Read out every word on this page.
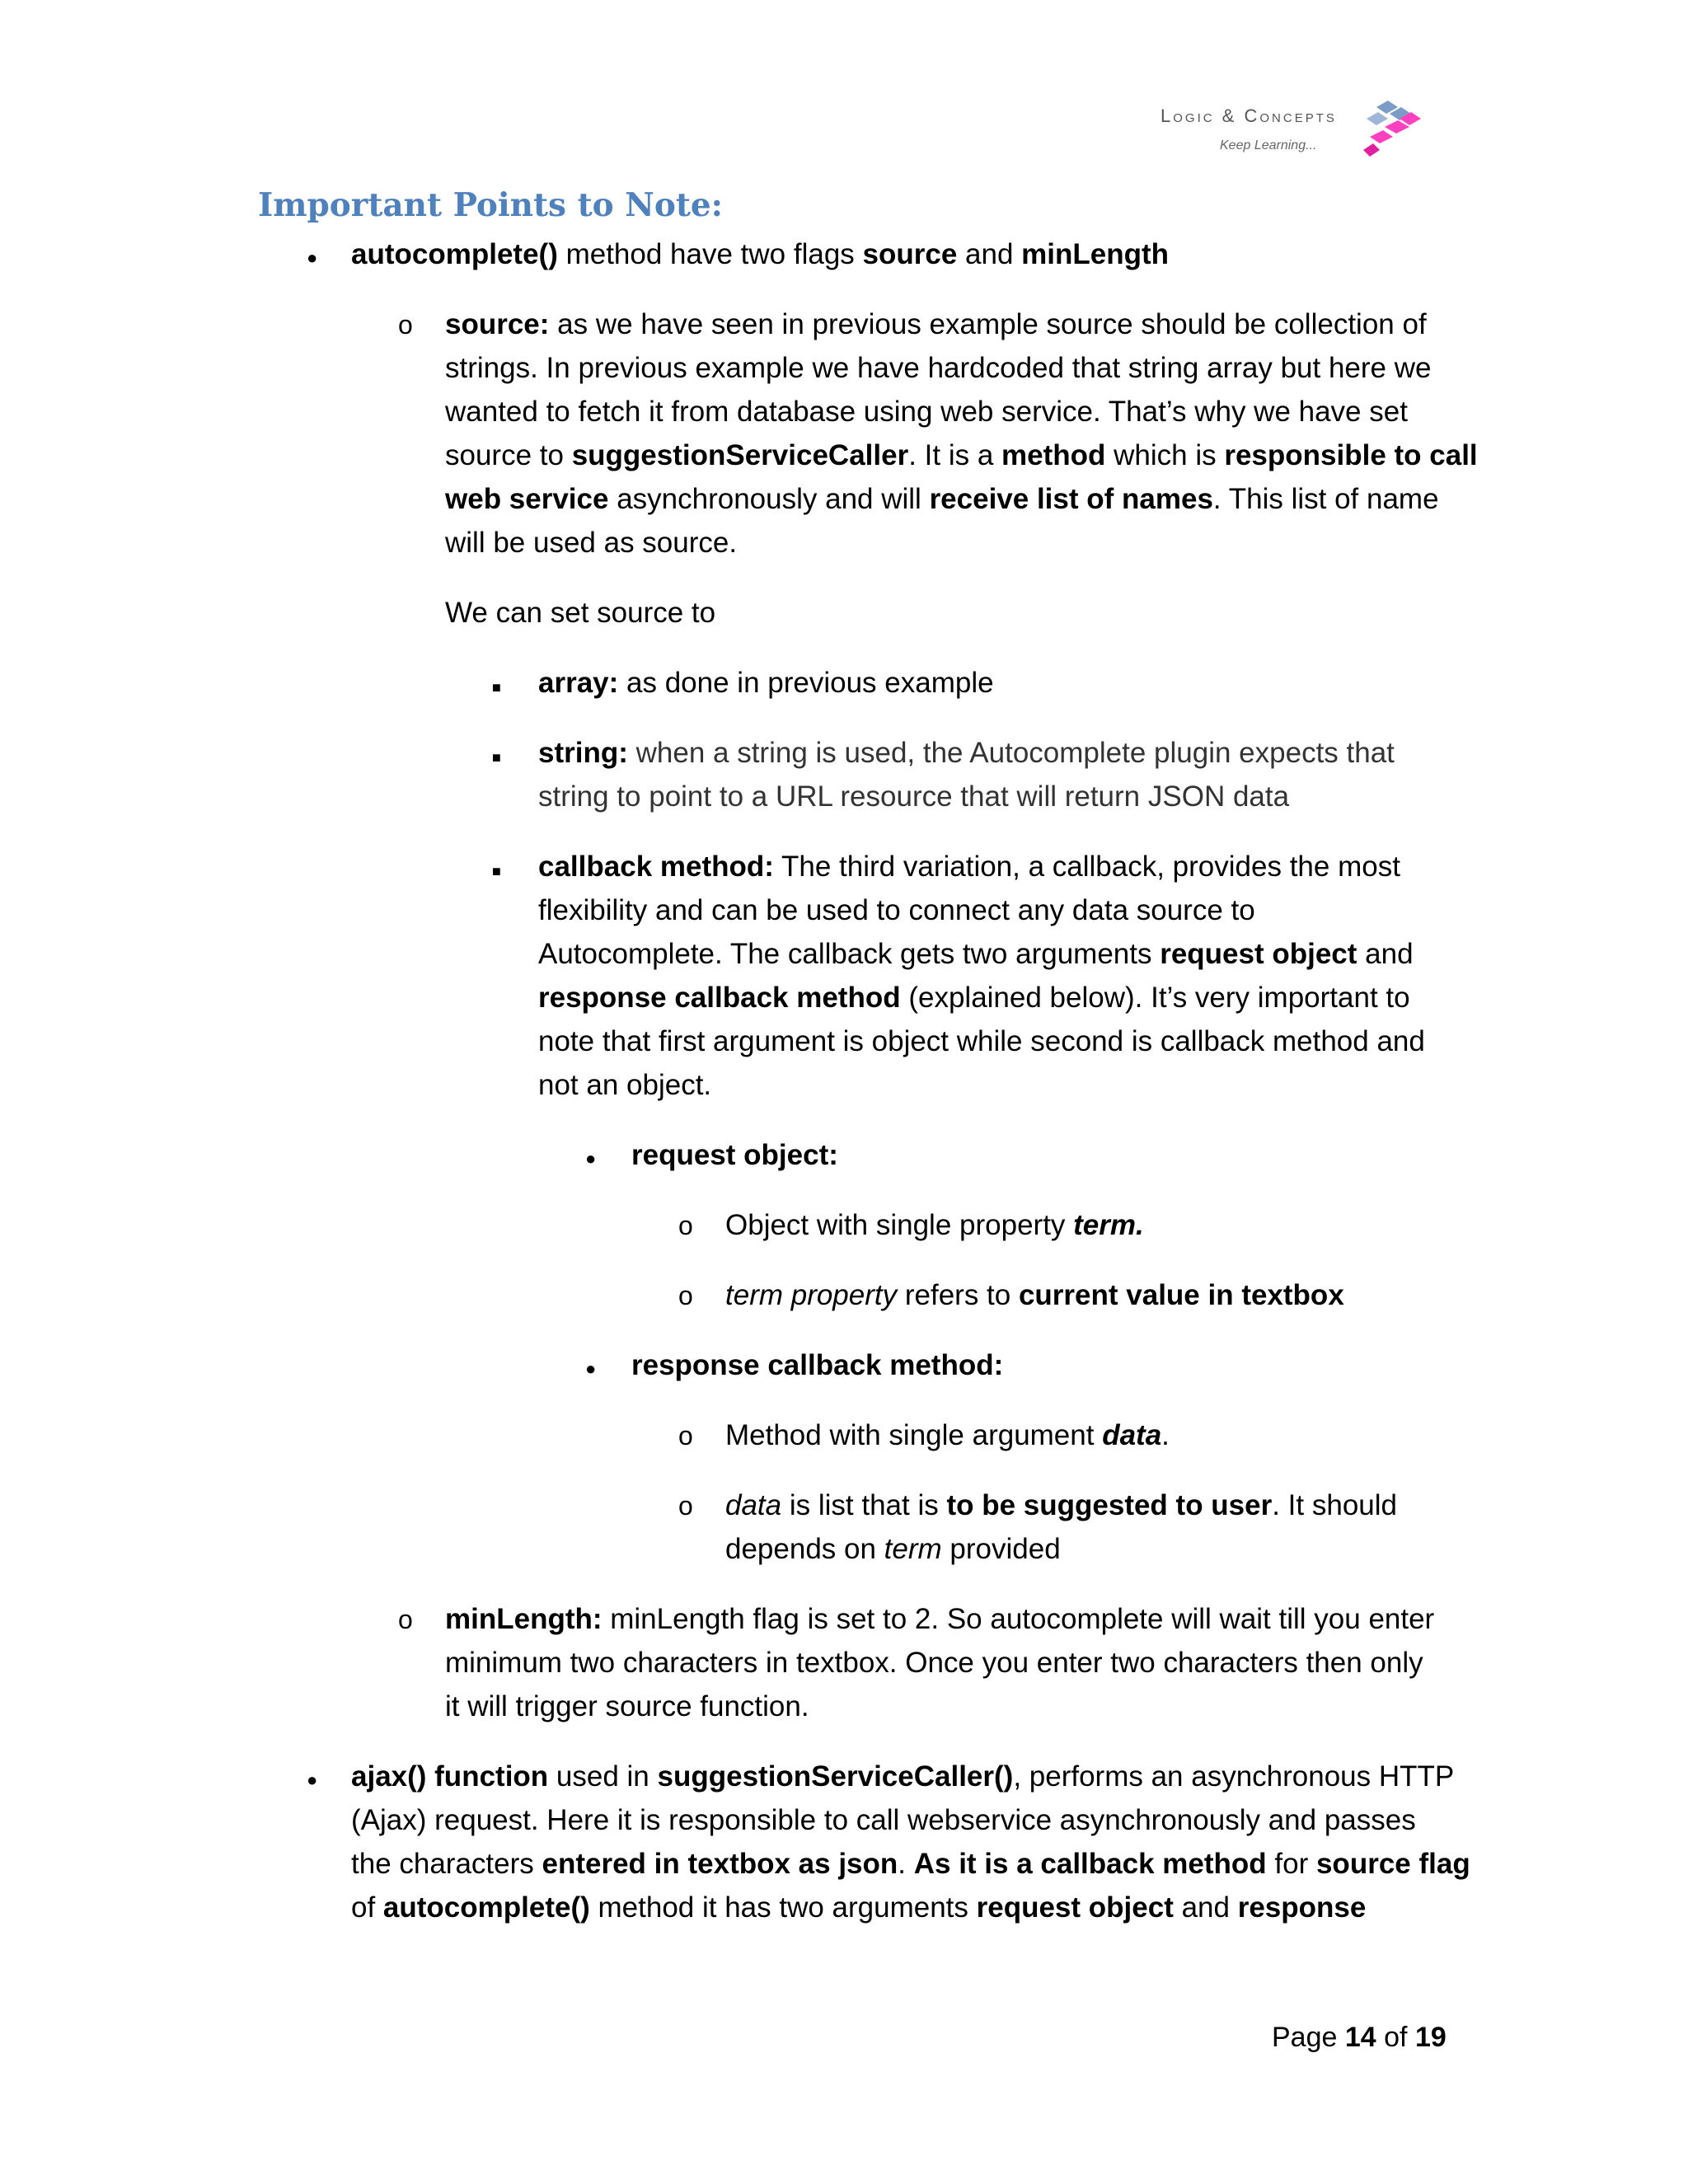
Logic & Concepts
Keep Learning...
Important Points to Note:
●
autocomplete() method have two flags source and minLength
o
source: as we have seen in previous example source should be collection of
strings. In previous example we have hardcoded that string array but here we
wanted to fetch it from database using web service. That’s why we have set
source to suggestionServiceCaller. It is a method which is responsible to call
web service asynchronously and will receive list of names. This list of name
will be used as source.
We can set source to
■
array: as done in previous example
■
string: when a string is used, the Autocomplete plugin expects that
string to point to a URL resource that will return JSON data
■
callback method: The third variation, a callback, provides the most
flexibility and can be used to connect any data source to
Autocomplete. The callback gets two arguments request object and
response callback method (explained below). It’s very important to
note that first argument is object while second is callback method and
not an object.
●
request object:
o
Object with single property term.
o
term property refers to current value in textbox
●
response callback method:
o
Method with single argument data.
o
data is list that is to be suggested to user. It should
depends on term provided
o
minLength: minLength flag is set to 2. So autocomplete will wait till you enter
minimum two characters in textbox. Once you enter two characters then only
it will trigger source function.
●
ajax() function used in suggestionServiceCaller(), performs an asynchronous HTTP
(Ajax) request. Here it is responsible to call webservice asynchronously and passes
the characters entered in textbox as json. As it is a callback method for source flag
of autocomplete() method it has two arguments request object and response
Page 14 of 19
